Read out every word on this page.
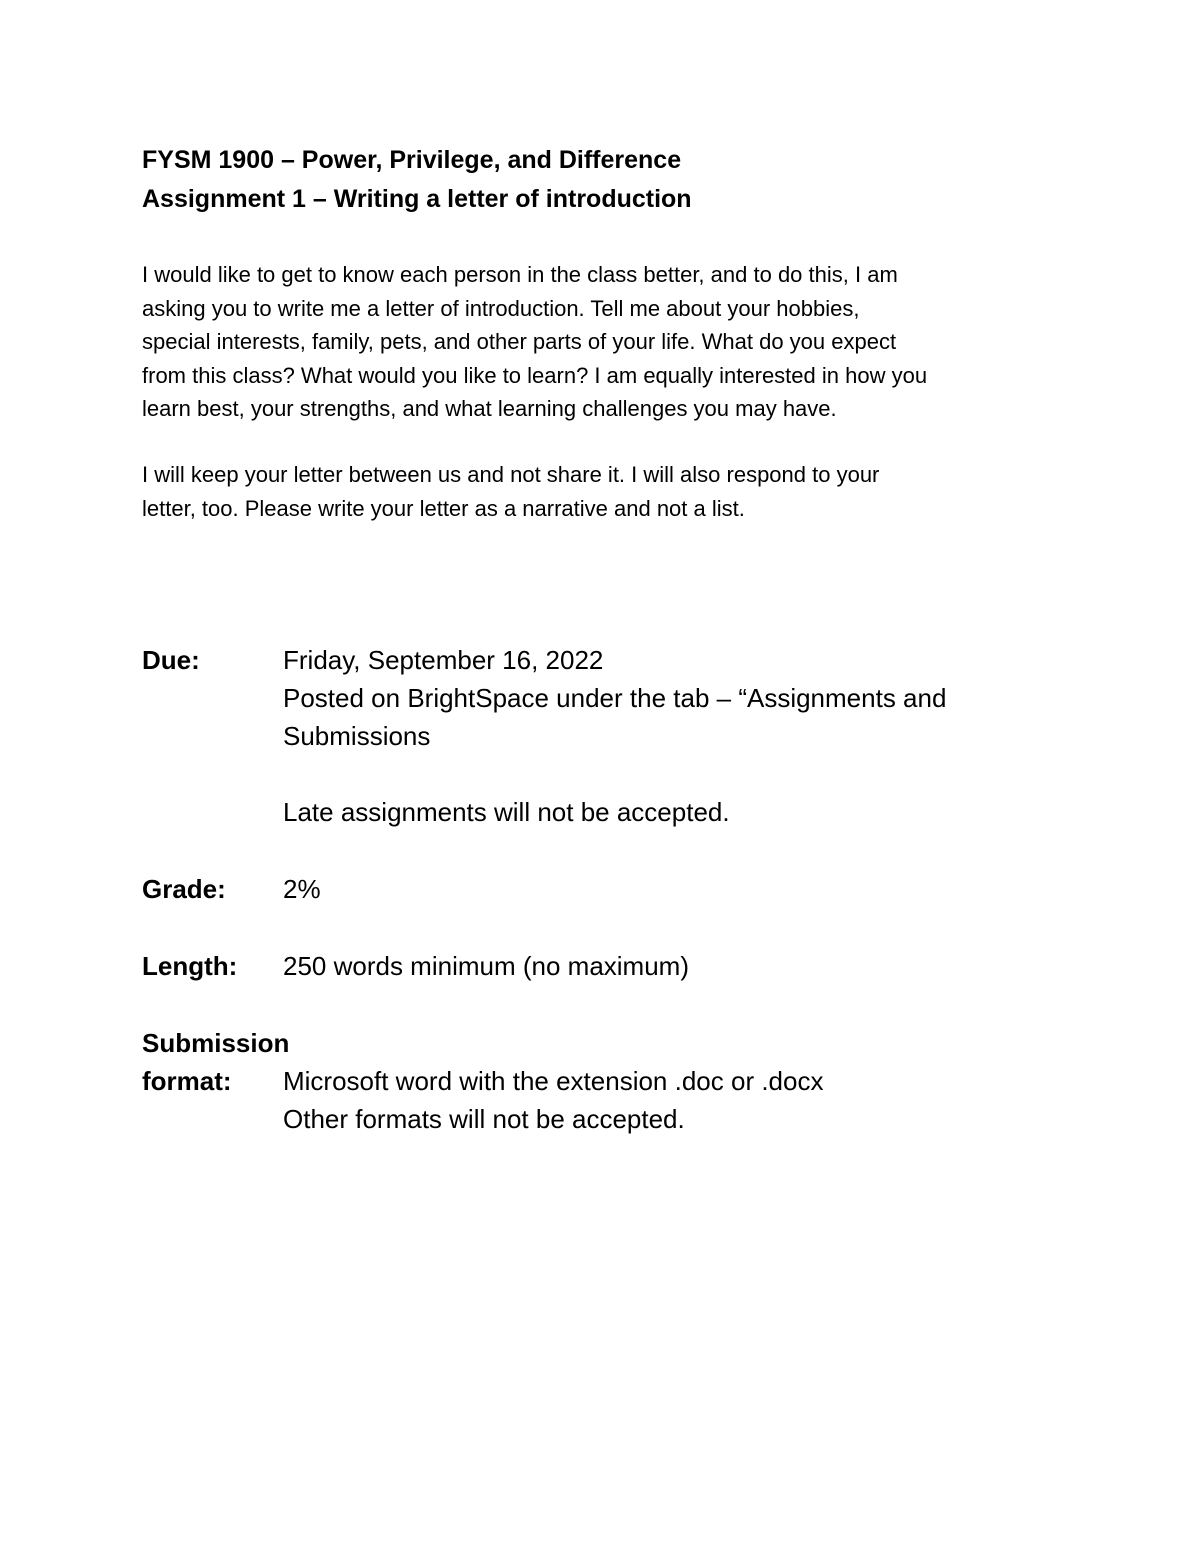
FYSM 1900 – Power, Privilege, and Difference
Assignment 1 – Writing a letter of introduction
I would like to get to know each person in the class better, and to do this, I am
asking you to write me a letter of introduction. Tell me about your hobbies,
special interests, family, pets, and other parts of your life. What do you expect
from this class? What would you like to learn? I am equally interested in how you
learn best, your strengths, and what learning challenges you may have.
I will keep your letter between us and not share it. I will also respond to your
letter, too. Please write your letter as a narrative and not a list.
Due:	Friday, September 16, 2022
Posted on BrightSpace under the tab – “Assignments and
Submissions
Late assignments will not be accepted.
Grade: 2%
Length: 250 words minimum (no maximum)
Submission
format:	Microsoft word with the extension .doc or .docx
Other formats will not be accepted.
